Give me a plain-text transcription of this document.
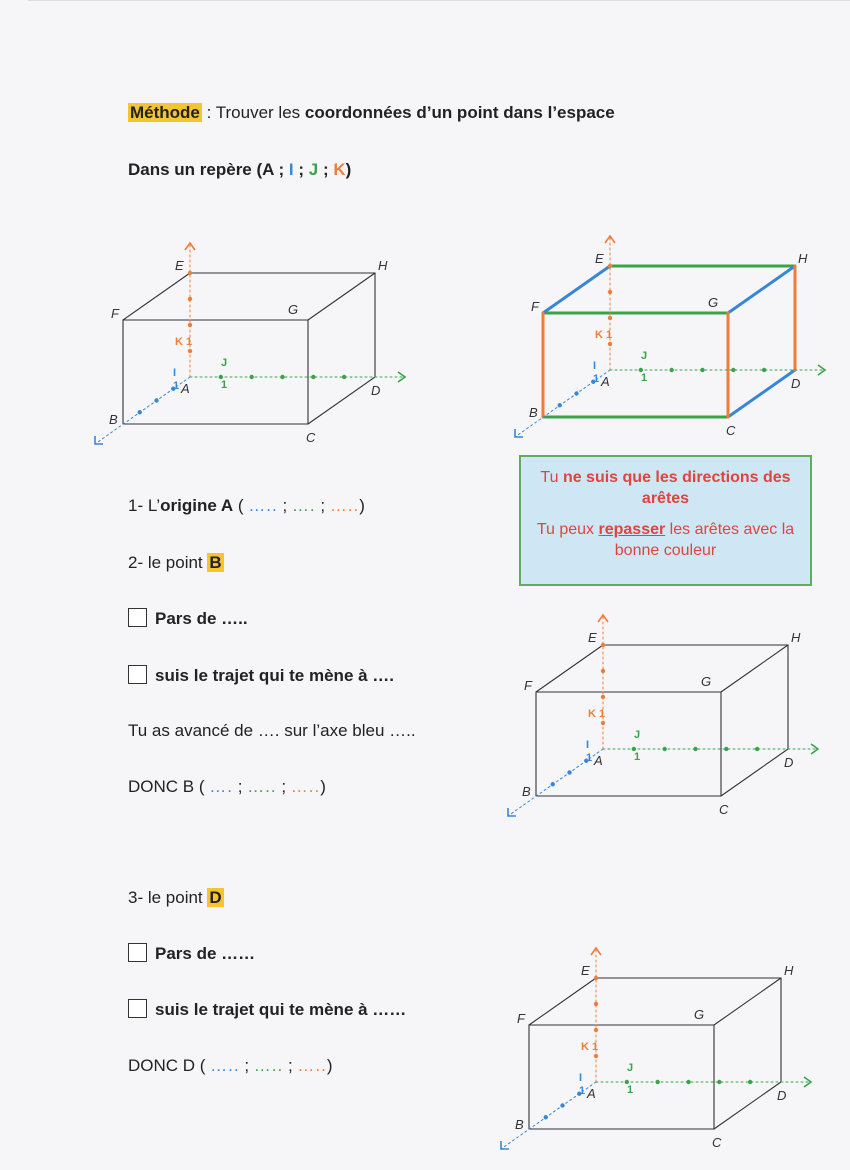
Méthode : Trouver les coordonnées d’un point dans l’espace
Dans un repère (A ; I ; J ; K)
A
B
C
D
E
F	G
H
K 1
I
1
J
1	A
B
C
D
E
F	G
H
K 1
I
1
J
1
A
B
C
D
E
F	G
H
K 1
I
1
J
1
A
B
C
D
E
F	G
H
K 1
I
1
J
1
Tu ne suis que les directions des arêtes
Tu peux repasser les arêtes avec la bonne couleur
1- L’origine A ( ….. ; …. ; …..)
2- le point B
Pars de …..
suis le trajet qui te mène à ….
Tu as avancé de …. sur l’axe bleu …..
DONC B ( …. ; ….. ; …..)
3- le point D
Pars de ……
suis le trajet qui te mène à ……
DONC D ( ….. ; ….. ; …..)
